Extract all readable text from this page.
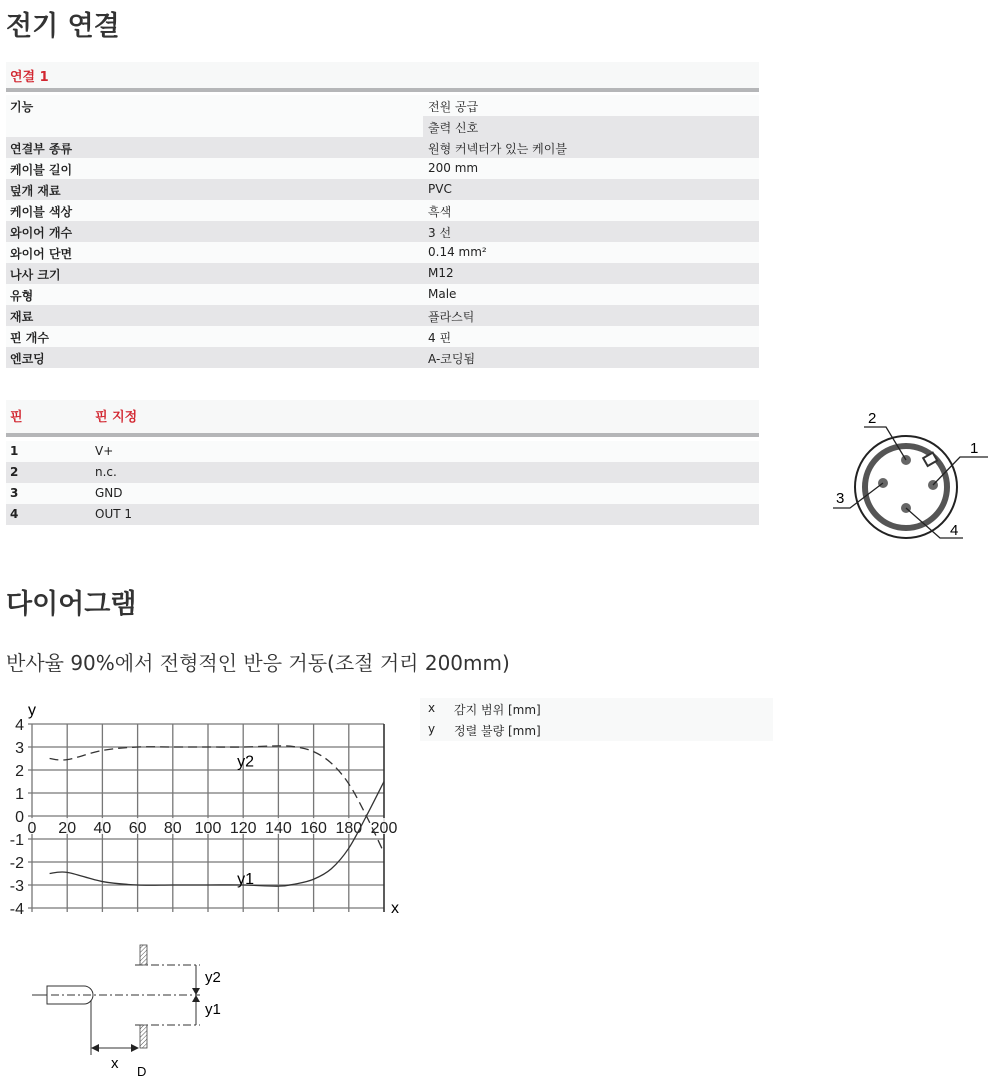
전기 연결
연결 1
기능	전원 공급
출력 신호
연결부 종류	원형 커넥터가 있는 케이블
케이블 길이	200 mm
덮개 재료	PVC
케이블 색상	흑색
와이어 개수	3 선
와이어 단면	0.14 mm²
나사 크기	M12
유형	Male
재료	플라스틱
핀 개수	4 핀
엔코딩	A-코딩됨
핀	핀 지정
1	V+
2	n.c.
3	GND
4	OUT 1
2
1
3
4
다이어그램
반사율 90%에서 전형적인 반응 거동(조절 거리 200mm)
0 20 40 60 80 100 120 140 160 180 200
4
3
2
1
0
-1
-2
-3
-4
y
x
y2
y1
x 감지 범위 [mm]
y 정렬 불량 [mm]
y2
y1
x D
